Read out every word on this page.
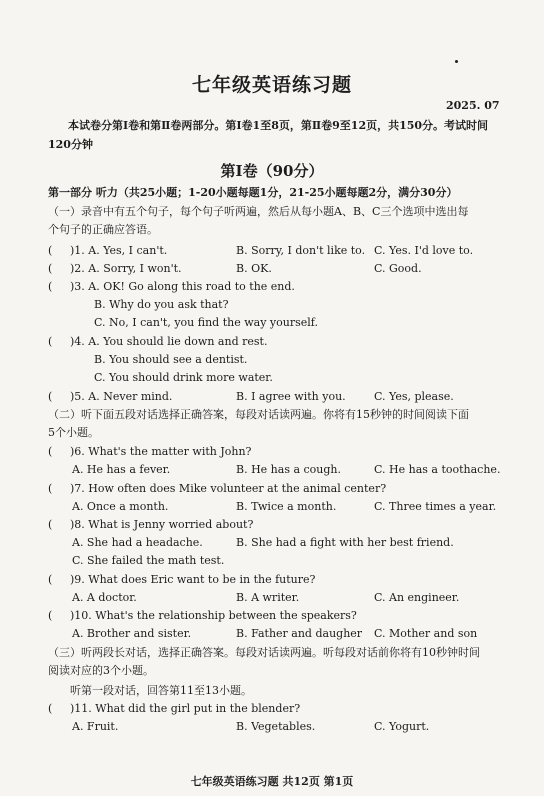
七年级英语练习题
2025. 07
本试卷分第Ⅰ卷和第Ⅱ卷两部分。第Ⅰ卷1至8页，第Ⅱ卷9至12页，共150分。考试时间120分钟
第Ⅰ卷（90分）
第一部分 听力（共25小题；1-20小题每题1分，21-25小题每题2分，满分30分）
（一）录音中有五个句子，每个句子听两遍，然后从每小题A、B、C三个选项中选出每
个句子的正确应答语。
( )1. A. Yes, I can't.	B. Sorry, I don't like to. C. Yes. I'd love to.
( )2. A. Sorry, I won't.	B. OK.	C. Good.
( )3. A. OK! Go along this road to the end.
B. Why do you ask that?
C. No, I can't, you find the way yourself.
( )4. A. You should lie down and rest.
B. You should see a dentist.
C. You should drink more water.
( )5. A. Never mind.	B. I agree with you.	C. Yes, please.
（二）听下面五段对话选择正确答案，每段对话读两遍。你将有15秒钟的时间阅读下面
5个小题。
( )6. What's the matter with John?
A. He has a fever.	B. He has a cough.	C. He has a toothache.
( )7. How often does Mike volunteer at the animal center?
A. Once a month.	B. Twice a month.	C. Three times a year.
( )8. What is Jenny worried about?
A. She had a headache.	B. She had a fight with her best friend.
C. She failed the math test.
( )9. What does Eric want to be in the future?
A. A doctor.	B. A writer.	C. An engineer.
( )10. What's the relationship between the speakers?
A. Brother and sister.	B. Father and daugher C. Mother and son
（三）听两段长对话，选择正确答案。每段对话读两遍。听每段对话前你将有10秒钟时间
阅读对应的3个小题。
听第一段对话，回答第11至13小题。
( )11. What did the girl put in the blender?
A. Fruit.	B. Vegetables.	C. Yogurt.
七年级英语练习题 共12页 第1页
